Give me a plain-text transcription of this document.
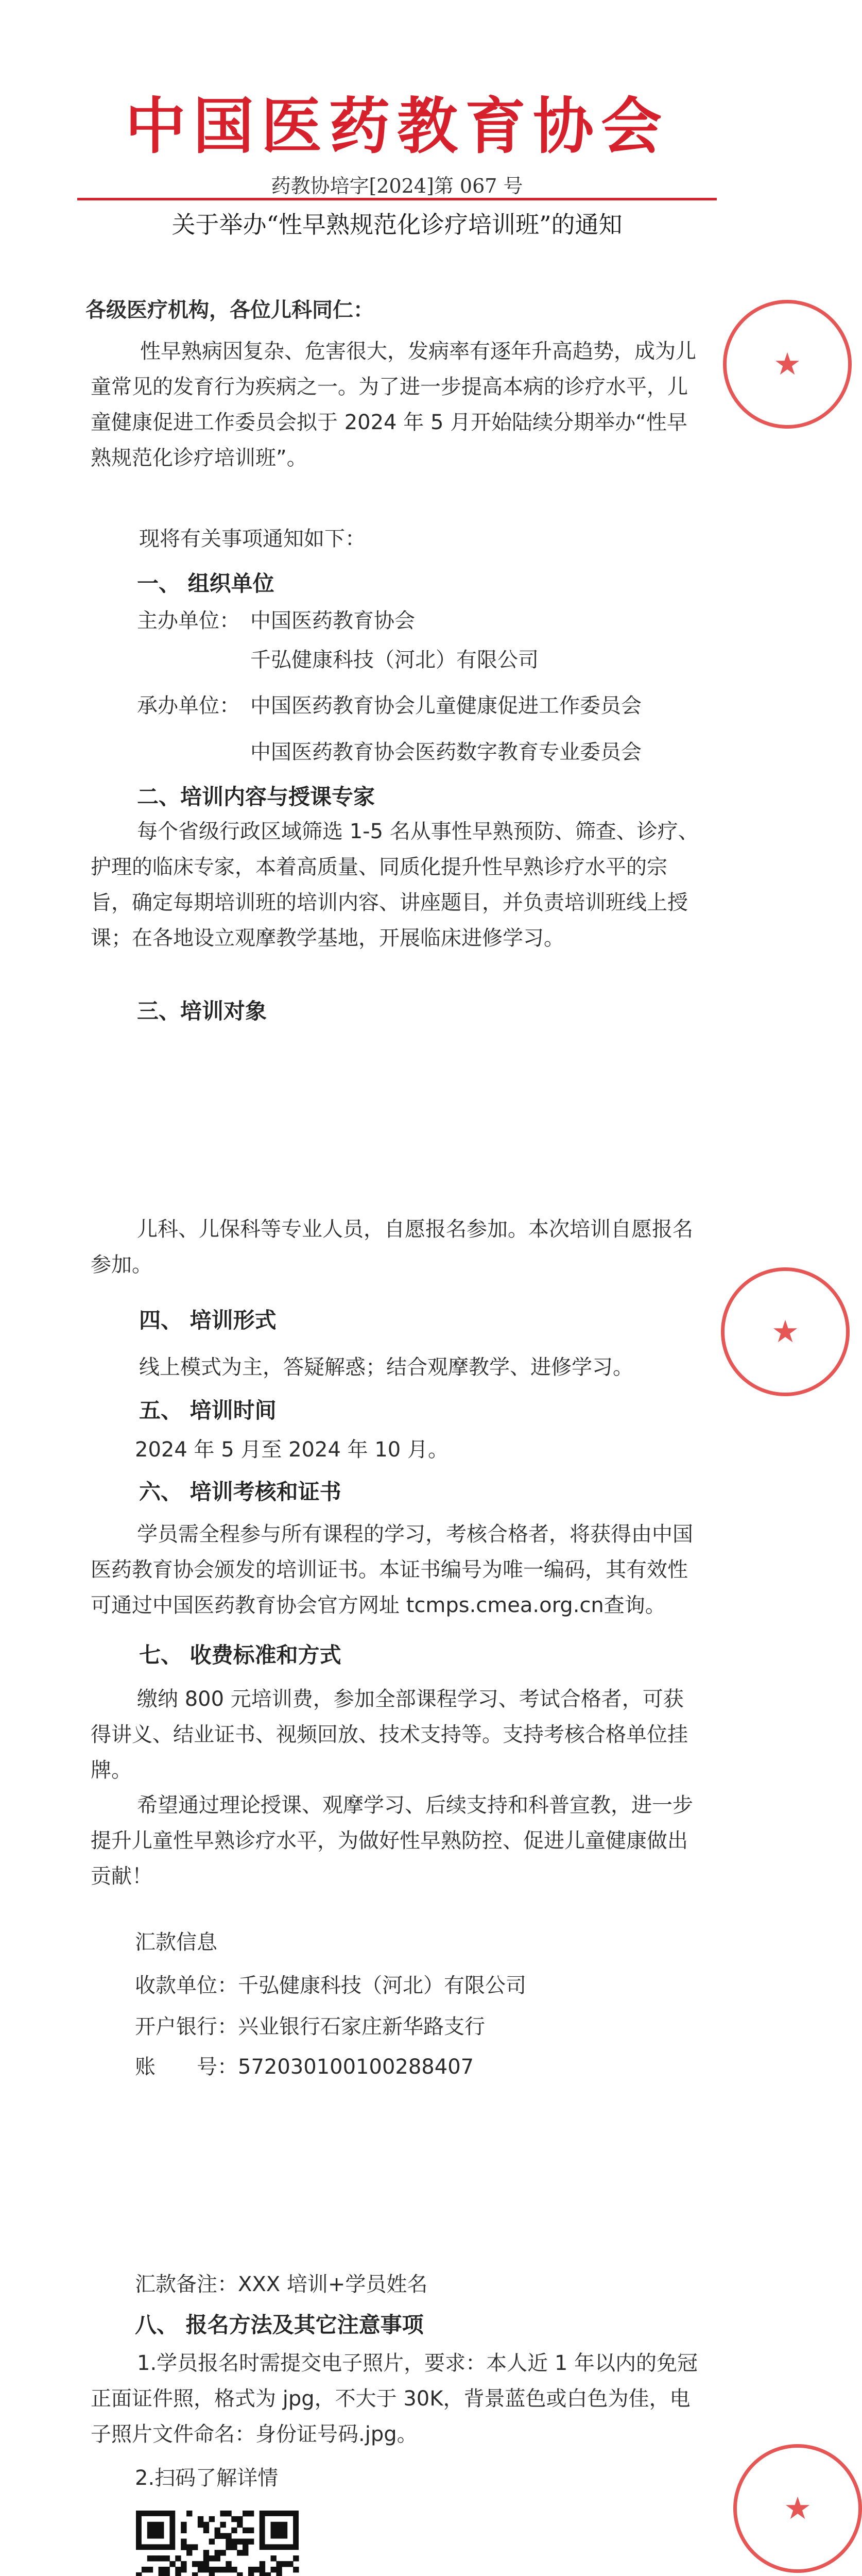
中国医药教育协会
药教协培字[2024]第 067 号
关于举办“性早熟规范化诊疗培训班”的通知
各级医疗机构，各位儿科同仁：
性早熟病因复杂、危害很大，发病率有逐年升高趋势，成为儿童常见的发育行为疾病之一。为了进一步提高本病的诊疗水平，儿童健康促进工作委员会拟于 2024 年 5 月开始陆续分期举办“性早熟规范化诊疗培训班”。
现将有关事项通知如下：
一、 组织单位
主办单位： 中国医药教育协会
千弘健康科技（河北）有限公司
承办单位： 中国医药教育协会儿童健康促进工作委员会
中国医药教育协会医药数字教育专业委员会
二、培训内容与授课专家
每个省级行政区域筛选 1-5 名从事性早熟预防、筛查、诊疗、护理的临床专家，本着高质量、同质化提升性早熟诊疗水平的宗旨，确定每期培训班的培训内容、讲座题目，并负责培训班线上授课；在各地设立观摩教学基地，开展临床进修学习。
三、培训对象
儿科、儿保科等专业人员，自愿报名参加。本次培训自愿报名参加。
四、 培训形式
线上模式为主，答疑解惑；结合观摩教学、进修学习。
五、 培训时间
2024 年 5 月至 2024 年 10 月。
六、 培训考核和证书
学员需全程参与所有课程的学习，考核合格者，将获得由中国医药教育协会颁发的培训证书。本证书编号为唯一编码，其有效性可通过中国医药教育协会官方网址 tcmps.cmea.org.cn查询。
七、 收费标准和方式
缴纳 800 元培训费，参加全部课程学习、考试合格者，可获得讲义、结业证书、视频回放、技术支持等。支持考核合格单位挂牌。
希望通过理论授课、观摩学习、后续支持和科普宣教，进一步提升儿童性早熟诊疗水平，为做好性早熟防控、促进儿童健康做出贡献！
汇款信息
收款单位： 千弘健康科技（河北）有限公司
开户银行： 兴业银行石家庄新华路支行
账　　号： 572030100100288407
汇款备注：XXX 培训+学员姓名
八、 报名方法及其它注意事项
1.学员报名时需提交电子照片，要求：本人近 1 年以内的免冠正面证件照，格式为 jpg，不大于 30K，背景蓝色或白色为佳，电子照片文件命名：身份证号码.jpg。
2.扫码了解详情
★
★
★
